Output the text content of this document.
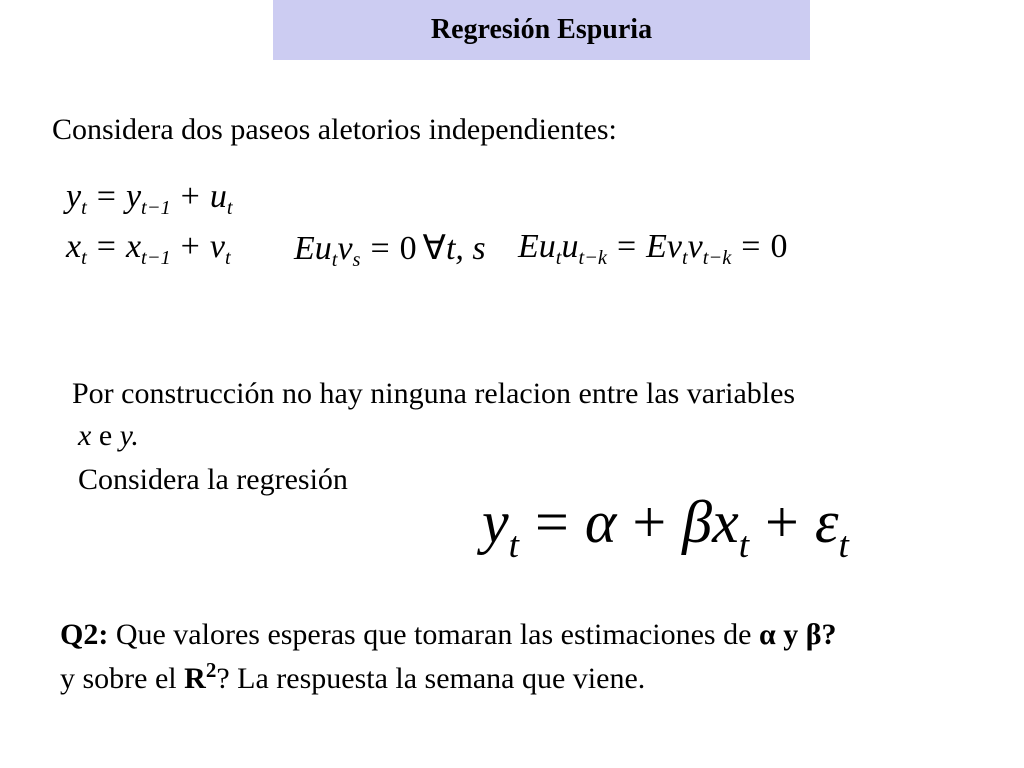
Regresión Espuria
Considera dos paseos aletorios independientes:
$y_t = y_{t-1} + u_t$
$x_t = x_{t-1} + v_t$ $Eu_tv_s = 0$ ∀t, s $Eu_tu_{t-k} = Ev_tv_{t-k} = 0$
Por construcción no hay ninguna relacion entre las variables
x e y.
Considera la regresión
$y_t = \alpha + \beta x_t + \varepsilon_t$
Q2: Que valores esperas que tomaran las estimaciones de α y β?
y sobre el $R^2$? La respuesta la semana que viene.
